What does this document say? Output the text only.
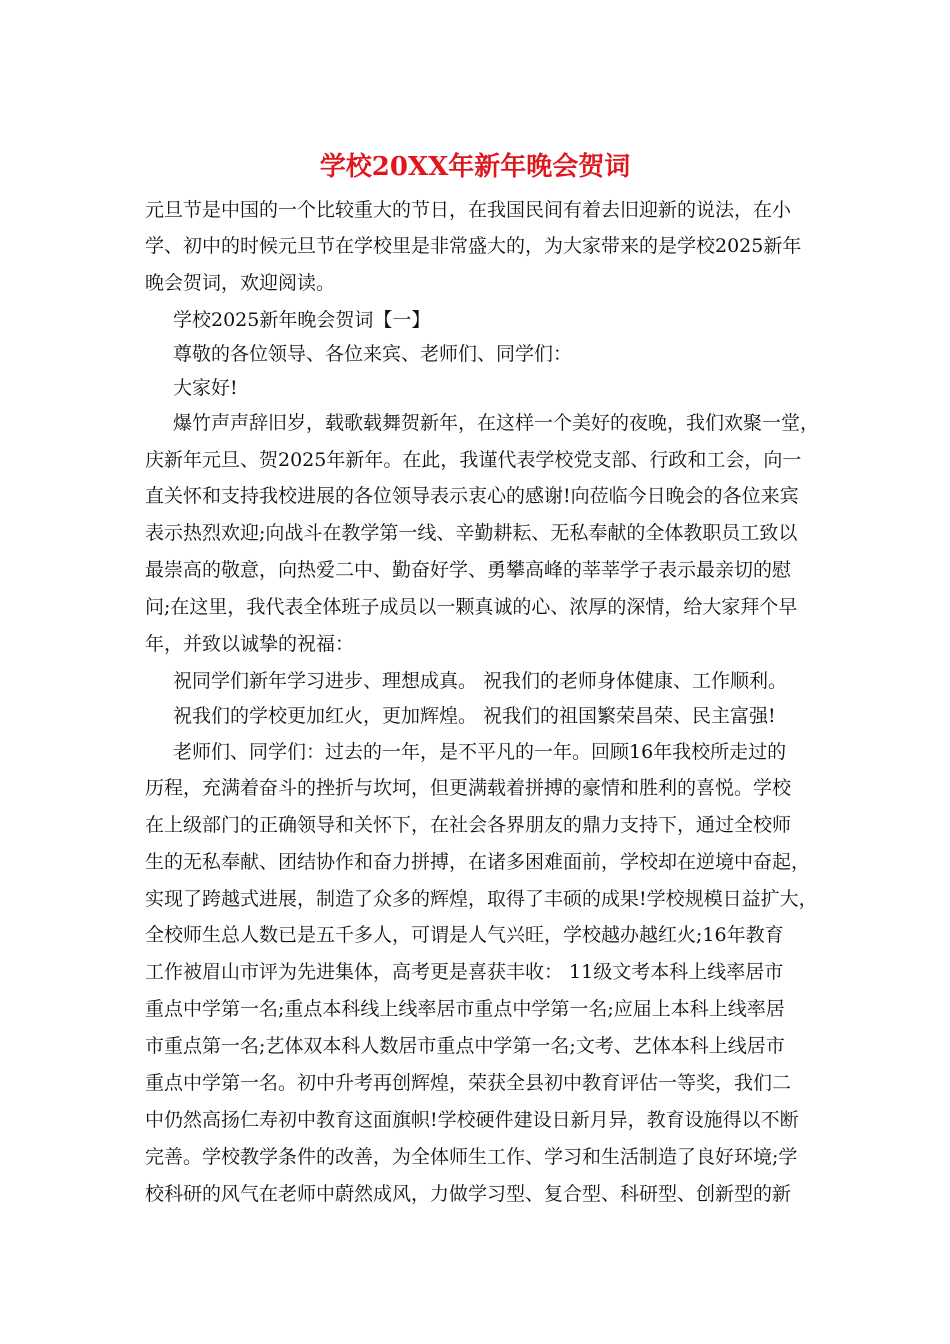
学校20XX年新年晚会贺词
元旦节是中国的一个比较重大的节日，在我国民间有着去旧迎新的说法，在小
学、初中的时候元旦节在学校里是非常盛大的，为大家带来的是学校2025新年
晚会贺词，欢迎阅读。
学校2025新年晚会贺词【一】
尊敬的各位领导、各位来宾、老师们、同学们：
大家好!
爆竹声声辞旧岁，载歌载舞贺新年，在这样一个美好的夜晚，我们欢聚一堂，
庆新年元旦、贺2025年新年。在此，我谨代表学校党支部、行政和工会，向一
直关怀和支持我校进展的各位领导表示衷心的感谢!向莅临今日晚会的各位来宾
表示热烈欢迎;向战斗在教学第一线、辛勤耕耘、无私奉献的全体教职员工致以
最崇高的敬意，向热爱二中、勤奋好学、勇攀高峰的莘莘学子表示最亲切的慰
问;在这里，我代表全体班子成员以一颗真诚的心、浓厚的深情，给大家拜个早
年，并致以诚挚的祝福：
祝同学们新年学习进步、理想成真。 祝我们的老师身体健康、工作顺利。
祝我们的学校更加红火，更加辉煌。 祝我们的祖国繁荣昌荣、民主富强!
老师们、同学们：过去的一年，是不平凡的一年。回顾16年我校所走过的
历程，充满着奋斗的挫折与坎坷，但更满载着拼搏的豪情和胜利的喜悦。学校
在上级部门的正确领导和关怀下，在社会各界朋友的鼎力支持下，通过全校师
生的无私奉献、团结协作和奋力拼搏，在诸多困难面前，学校却在逆境中奋起，
实现了跨越式进展，制造了众多的辉煌，取得了丰硕的成果!学校规模日益扩大，
全校师生总人数已是五千多人，可谓是人气兴旺，学校越办越红火;16年教育
工作被眉山市评为先进集体，高考更是喜获丰收： 11级文考本科上线率居市
重点中学第一名;重点本科线上线率居市重点中学第一名;应届上本科上线率居
市重点第一名;艺体双本科人数居市重点中学第一名;文考、艺体本科上线居市
重点中学第一名。初中升考再创辉煌，荣获全县初中教育评估一等奖，我们二
中仍然高扬仁寿初中教育这面旗帜!学校硬件建设日新月异，教育设施得以不断
完善。学校教学条件的改善，为全体师生工作、学习和生活制造了良好环境;学
校科研的风气在老师中蔚然成风，力做学习型、复合型、科研型、创新型的新
